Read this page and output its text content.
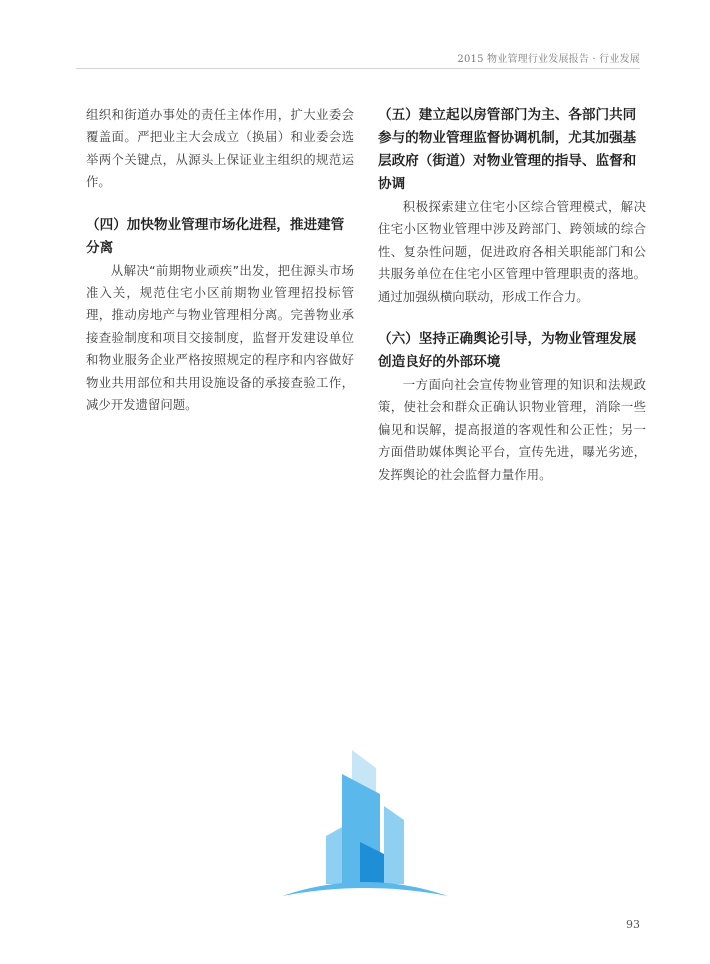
2015 物业管理行业发展报告 · 行业发展

组织和街道办事处的责任主体作用，扩大业委会覆盖面。严把业主大会成立（换届）和业委会选举两个关键点，从源头上保证业主组织的规范运作。

（四）加快物业管理市场化进程，推进建管分离

从解决“前期物业顽疾”出发，把住源头市场准入关，规范住宅小区前期物业管理招投标管理，推动房地产与物业管理相分离。完善物业承接查验制度和项目交接制度，监督开发建设单位和物业服务企业严格按照规定的程序和内容做好物业共用部位和共用设施设备的承接查验工作，减少开发遗留问题。

（五）建立起以房管部门为主、各部门共同参与的物业管理监督协调机制，尤其加强基层政府（街道）对物业管理的指导、监督和协调

积极探索建立住宅小区综合管理模式，解决住宅小区物业管理中涉及跨部门、跨领域的综合性、复杂性问题，促进政府各相关职能部门和公共服务单位在住宅小区管理中管理职责的落地。通过加强纵横向联动，形成工作合力。

（六）坚持正确舆论引导，为物业管理发展创造良好的外部环境

一方面向社会宣传物业管理的知识和法规政策，使社会和群众正确认识物业管理，消除一些偏见和误解，提高报道的客观性和公正性；另一方面借助媒体舆论平台，宣传先进，曝光劣迹，发挥舆论的社会监督力量作用。

93
